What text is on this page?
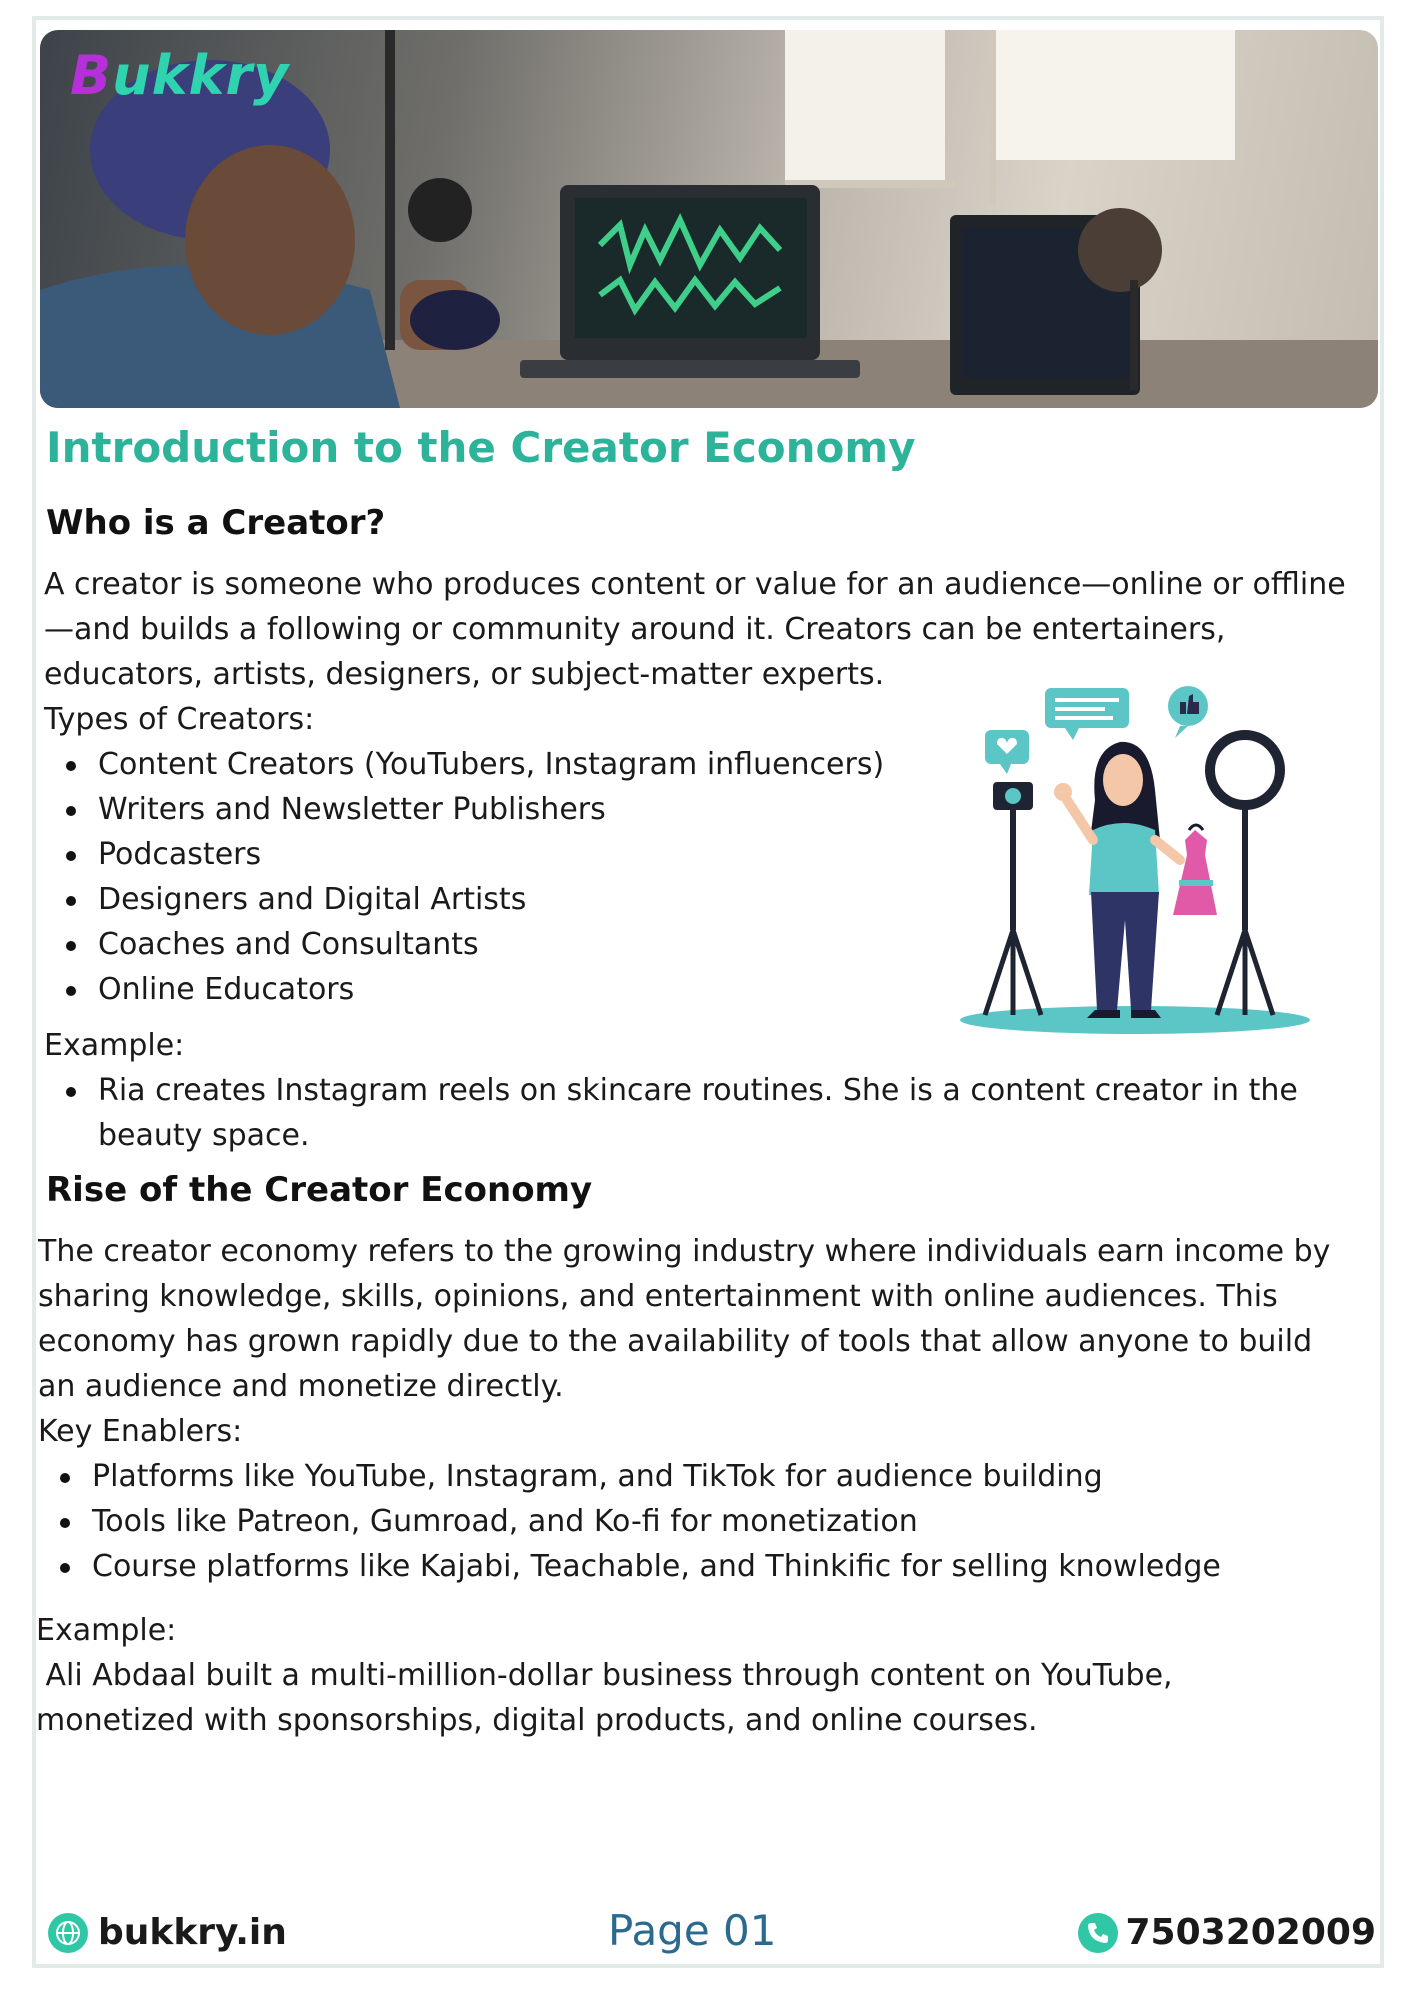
Bukkry
Introduction to the Creator Economy
Who is a Creator?

A creator is someone who produces content or value for an audience—online or offline
—and builds a following or community around it. Creators can be entertainers,
educators, artists, designers, or subject-matter experts.
Types of Creators:

Content Creators (YouTubers, Instagram influencers)
Writers and Newsletter Publishers
Podcasters
Designers and Digital Artists
Coaches and Consultants
Online Educators

Example:

Ria creates Instagram reels on skincare routines. She is a content creator in the
beauty space.
Rise of the Creator Economy

The creator economy refers to the growing industry where individuals earn income by
sharing knowledge, skills, opinions, and entertainment with online audiences. This
economy has grown rapidly due to the availability of tools that allow anyone to build
an audience and monetize directly.
Key Enablers:

Platforms like YouTube, Instagram, and TikTok for audience building
Tools like Patreon, Gumroad, and Ko-fi for monetization
Course platforms like Kajabi, Teachable, and Thinkific for selling knowledge

Example:
Ali Abdaal built a multi-million-dollar business through content on YouTube,
monetized with sponsorships, digital products, and online courses.

bukkry.in	Page 01	7503202009
